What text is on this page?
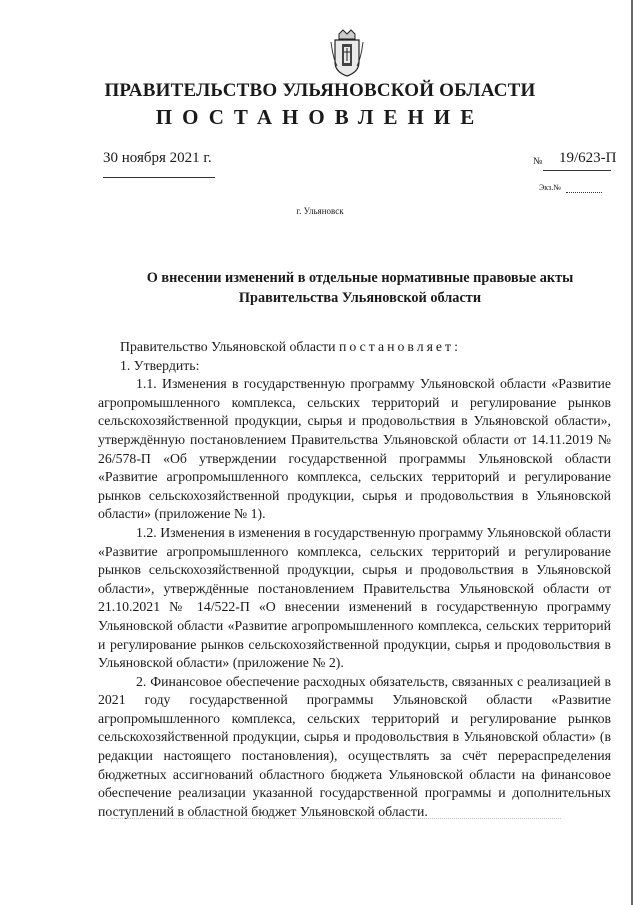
ПРАВИТЕЛЬСТВО УЛЬЯНОВСКОЙ ОБЛАСТИ
ПОСТАНОВЛЕНИЕ
30 ноября 2021 г.	№ 19/623-П
Экз.№
г. Ульяновск
О внесении изменений в отдельные нормативные правовые акты
Правительства Ульяновской области

Правительство Ульяновской области постановляет:

1. Утвердить:

1.1. Изменения в государственную программу Ульяновской области «Развитие агропромышленного комплекса, сельских территорий и регулирование рынков сельскохозяйственной продукции, сырья и продовольствия в Ульяновской области», утверждённую постановлением Правительства Ульяновской области от 14.11.2019 № 26/578-П «Об утверждении государственной программы Ульяновской области «Развитие агропромышленного комплекса, сельских территорий и регулирование рынков сельскохозяйственной продукции, сырья и продовольствия в Ульяновской области» (приложение № 1).

1.2. Изменения в изменения в государственную программу Ульяновской области «Развитие агропромышленного комплекса, сельских территорий и регулирование рынков сельскохозяйственной продукции, сырья и продовольствия в Ульяновской области», утверждённые постановлением Правительства Ульяновской области от 21.10.2021 № 14/522-П «О внесении изменений в государственную программу Ульяновской области «Развитие агропромышленного комплекса, сельских территорий и регулирование рынков сельскохозяйственной продукции, сырья и продовольствия в Ульяновской области» (приложение № 2).

2. Финансовое обеспечение расходных обязательств, связанных с реализацией в 2021 году государственной программы Ульяновской области «Развитие агропромышленного комплекса, сельских территорий и регулирование рынков сельскохозяйственной продукции, сырья и продовольствия в Ульяновской области» (в редакции настоящего постановления), осуществлять за счёт перераспределения бюджетных ассигнований областного бюджета Ульяновской области на финансовое обеспечение реализации указанной государственной программы и дополнительных поступлений в областной бюджет Ульяновской области.
